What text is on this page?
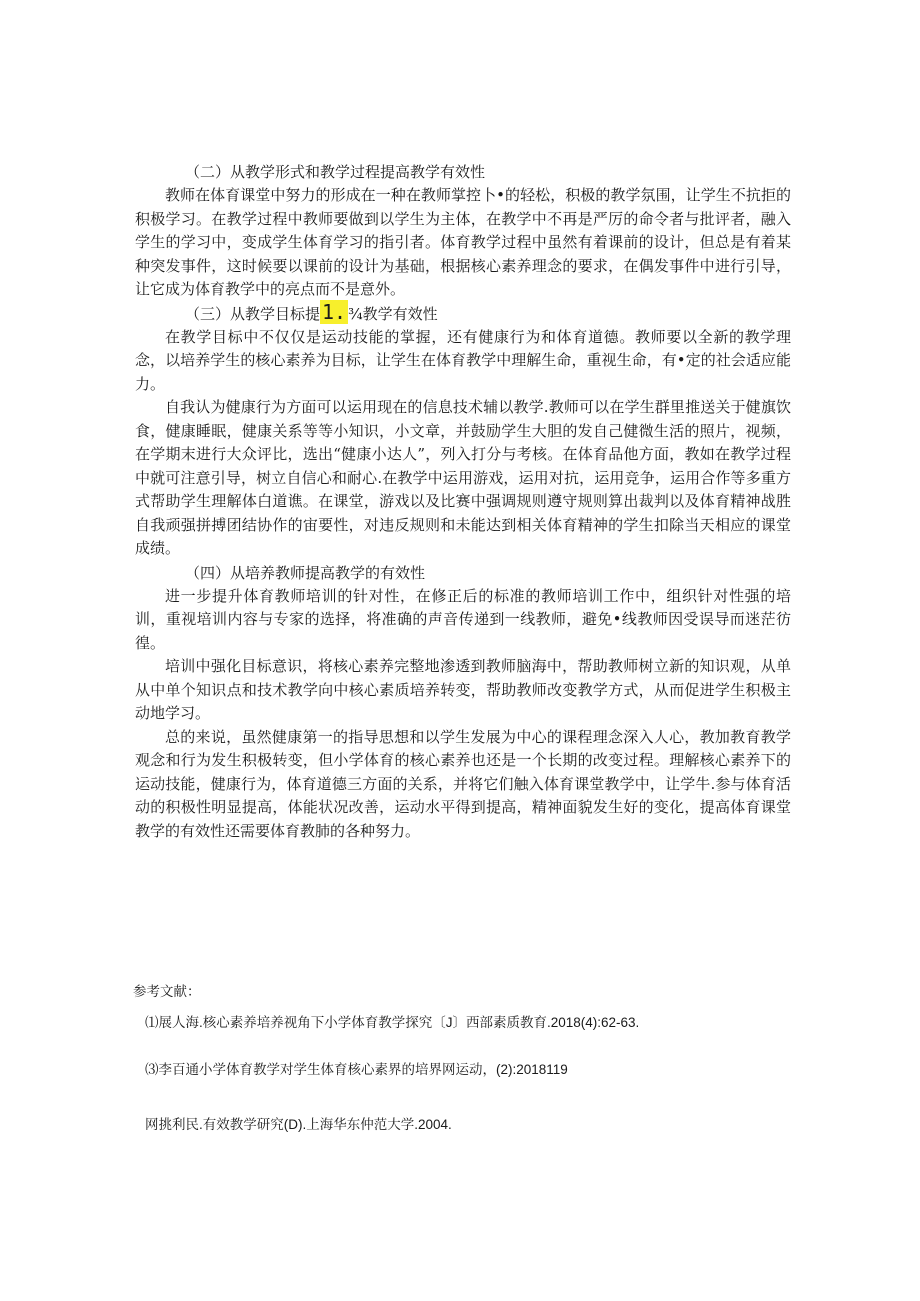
（二）从教学形式和教学过程提高教学有效性

教师在体育课堂中努力的形成在一种在教师掌控卜•的轻松，积极的教学氛围，让学生不抗拒的积极学习。在教学过程中教师要做到以学生为主体，在教学中不再是严厉的命令者与批评者，融入学生的学习中，变成学生体育学习的指引者。体育教学过程中虽然有着课前的设计，但总是有着某种突发事件，这时候要以课前的设计为基础，根据核心素养理念的要求，在偶发事件中进行引导，让它成为体育教学中的亮点而不是意外。

（三）从教学目标提 1. ¾教学有效性

在教学目标中不仅仅是运动技能的掌握，还有健康行为和体育道德。教师要以全新的教学理念，以培养学生的核心素养为目标，让学生在体育教学中理解生命，重视生命，有•定的社会适应能力。

自我认为健康行为方面可以运用现在的信息技术辅以教学.教师可以在学生群里推送关于健旗饮食，健康睡眠，健康关系等等小知识，小文章，并鼓励学生大胆的发自己健微生活的照片，视频，在学期末进行大众评比，选出“健康小达人”，列入打分与考核。在体育品他方面，教如在教学过程中就可注意引导，树立自信心和耐心.在教学中运用游戏，运用对抗，运用竞争，运用合作等多重方式帮助学生理解体白道谯。在课堂，游戏以及比赛中强调规则遵守规则算出裁判以及体育精神战胜自我顽强拼搏团结协作的宙要性，对违反规则和未能达到相关体育精神的学生扣除当天相应的课堂成绩。

（四）从培养教师提高教学的有效性

进一步提升体育教师培训的针对性，在修正后的标准的教师培训工作中，组织针对性强的培训，重视培训内容与专家的选择，将准确的声音传递到一线教师，避免•线教师因受误导而迷茫彷徨。

培训中强化目标意识，将核心素养完整地渗透到教师脑海中，帮助教师树立新的知识观，从单从中单个知识点和技术教学向中核心素质培养转变，帮助教师改变教学方式，从而促进学生积极主动地学习。

总的来说，虽然健康第一的指导思想和以学生发展为中心的课程理念深入人心，教加教育教学观念和行为发生积极转变，但小学体育的核心素养也还是一个长期的改变过程。理解核心素养下的运动技能，健康行为，体育道德三方面的关系，并将它们触入体育课堂教学中，让学牛.参与体育活动的积极性明显提高，体能状况改善，运动水平得到提高，精神面貌发生好的变化，提高体育课堂教学的有效性还需要体育教肺的各种努力。

参考文献：
⑴展人海.核心素养培养视角下小学体育教学探究〔J〕西部素质教育.2018(4):62-63.
⑶李百通小学体育教学对学生体育核心素界的培界网运动，(2):2018119
网挑利民.有效教学研究(D).上海华东仲范大学.2004.
